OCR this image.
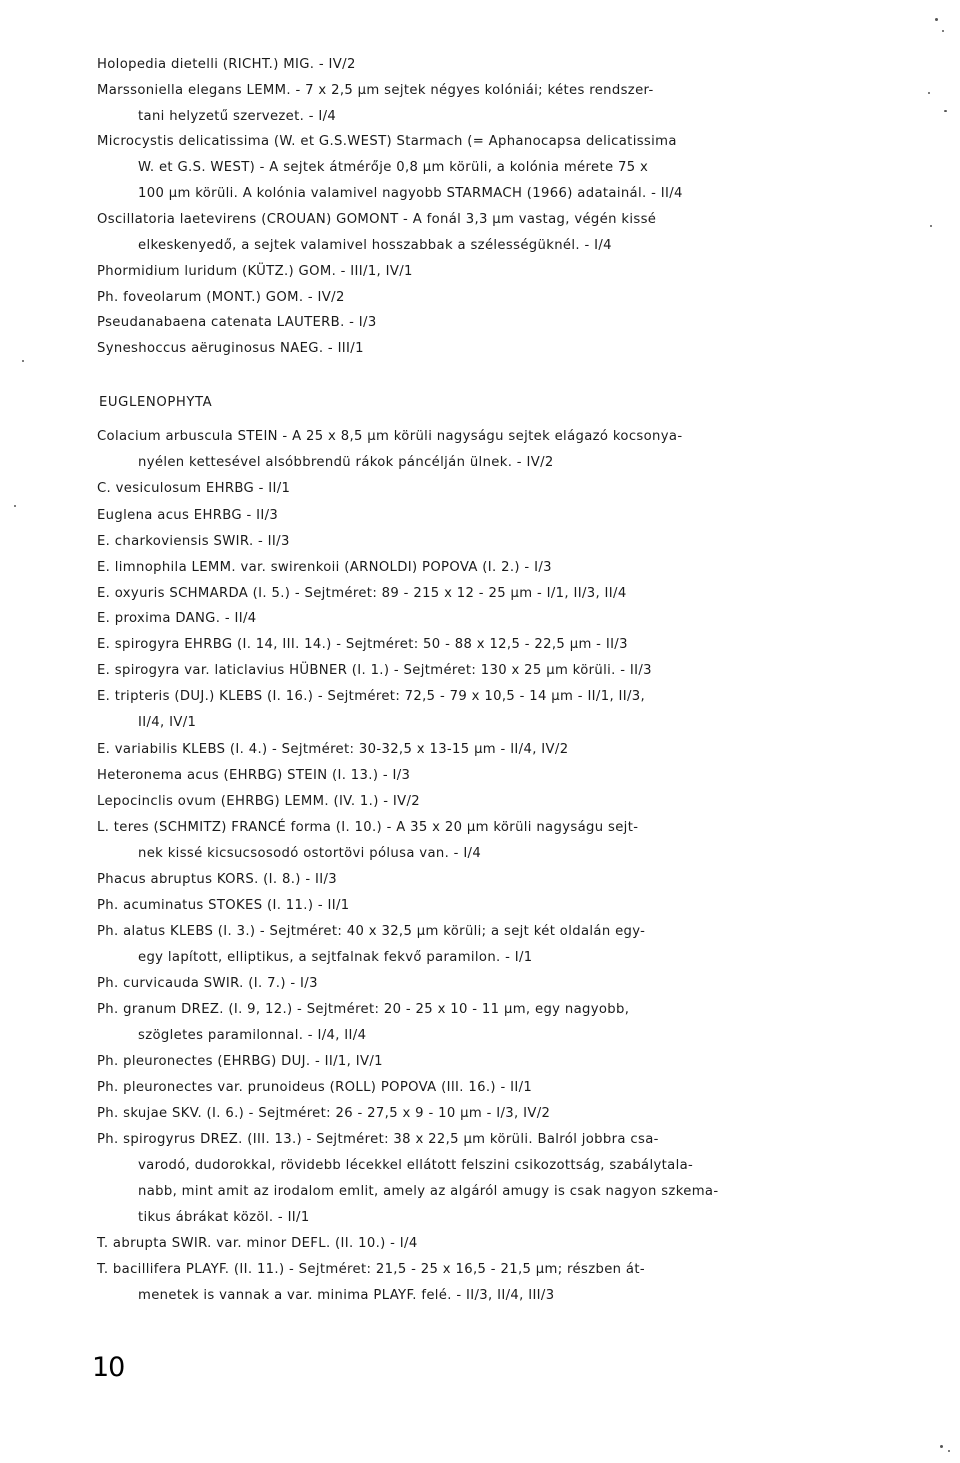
Holopedia dietelli (RICHT.) MIG. - IV/2
Marssoniella elegans LEMM. - 7 x 2,5 µm sejtek négyes kolóniái; kétes rendszer-
tani helyzetű szervezet. - I/4
Microcystis delicatissima (W. et G.S.WEST) Starmach (= Aphanocapsa delicatissima
W. et G.S. WEST) - A sejtek átmérője 0,8 µm körüli, a kolónia mérete 75 x
100 µm körüli. A kolónia valamivel nagyobb STARMACH (1966) adatainál. - II/4
Oscillatoria laetevirens (CROUAN) GOMONT - A fonál 3,3 µm vastag, végén kissé
elkeskenyedő, a sejtek valamivel hosszabbak a szélességüknél. - I/4
Phormidium luridum (KÜTZ.) GOM. - III/1, IV/1
Ph. foveolarum (MONT.) GOM. - IV/2
Pseudanabaena catenata LAUTERB. - I/3
Syneshoccus aëruginosus NAEG. - III/1
EUGLENOPHYTA
Colacium arbuscula STEIN - A 25 x 8,5 µm körüli nagyságu sejtek elágazó kocsonya-
nyélen kettesével alsóbbrendü rákok páncélján ülnek. - IV/2
C. vesiculosum EHRBG - II/1
Euglena acus EHRBG - II/3
E. charkoviensis SWIR. - II/3
E. limnophila LEMM. var. swirenkoii (ARNOLDI) POPOVA (I. 2.) - I/3
E. oxyuris SCHMARDA (I. 5.) - Sejtméret: 89 - 215 x 12 - 25 µm - I/1, II/3, II/4
E. proxima DANG. - II/4
E. spirogyra EHRBG (I. 14, III. 14.) - Sejtméret: 50 - 88 x 12,5 - 22,5 µm - II/3
E. spirogyra var. laticlavius HÜBNER (I. 1.) - Sejtméret: 130 x 25 µm körüli. - II/3
E. tripteris (DUJ.) KLEBS (I. 16.) - Sejtméret: 72,5 - 79 x 10,5 - 14 µm - II/1, II/3,
II/4, IV/1
E. variabilis KLEBS (I. 4.) - Sejtméret: 30-32,5 x 13-15 µm - II/4, IV/2
Heteronema acus (EHRBG) STEIN (I. 13.) - I/3
Lepocinclis ovum (EHRBG) LEMM. (IV. 1.) - IV/2
L. teres (SCHMITZ) FRANCÉ forma (I. 10.) - A 35 x 20 µm körüli nagyságu sejt-
nek kissé kicsucsosodó ostortövi pólusa van. - I/4
Phacus abruptus KORS. (I. 8.) - II/3
Ph. acuminatus STOKES (I. 11.) - II/1
Ph. alatus KLEBS (I. 3.) - Sejtméret: 40 x 32,5 µm körüli; a sejt két oldalán egy-
egy lapított, elliptikus, a sejtfalnak fekvő paramilon. - I/1
Ph. curvicauda SWIR. (I. 7.) - I/3
Ph. granum DREZ. (I. 9, 12.) - Sejtméret: 20 - 25 x 10 - 11 µm, egy nagyobb,
szögletes paramilonnal. - I/4, II/4
Ph. pleuronectes (EHRBG) DUJ. - II/1, IV/1
Ph. pleuronectes var. prunoideus (ROLL) POPOVA (III. 16.) - II/1
Ph. skujae SKV. (I. 6.) - Sejtméret: 26 - 27,5 x 9 - 10 µm - I/3, IV/2
Ph. spirogyrus DREZ. (III. 13.) - Sejtméret: 38 x 22,5 µm körüli. Balról jobbra csa-
varodó, dudorokkal, rövidebb lécekkel ellátott felszini csikozottság, szabálytala-
nabb, mint amit az irodalom emlit, amely az algáról amugy is csak nagyon szkema-
tikus ábrákat közöl. - II/1
T. abrupta SWIR. var. minor DEFL. (II. 10.) - I/4
T. bacillifera PLAYF. (II. 11.) - Sejtméret: 21,5 - 25 x 16,5 - 21,5 µm; részben át-
menetek is vannak a var. minima PLAYF. felé. - II/3, II/4, III/3
10
